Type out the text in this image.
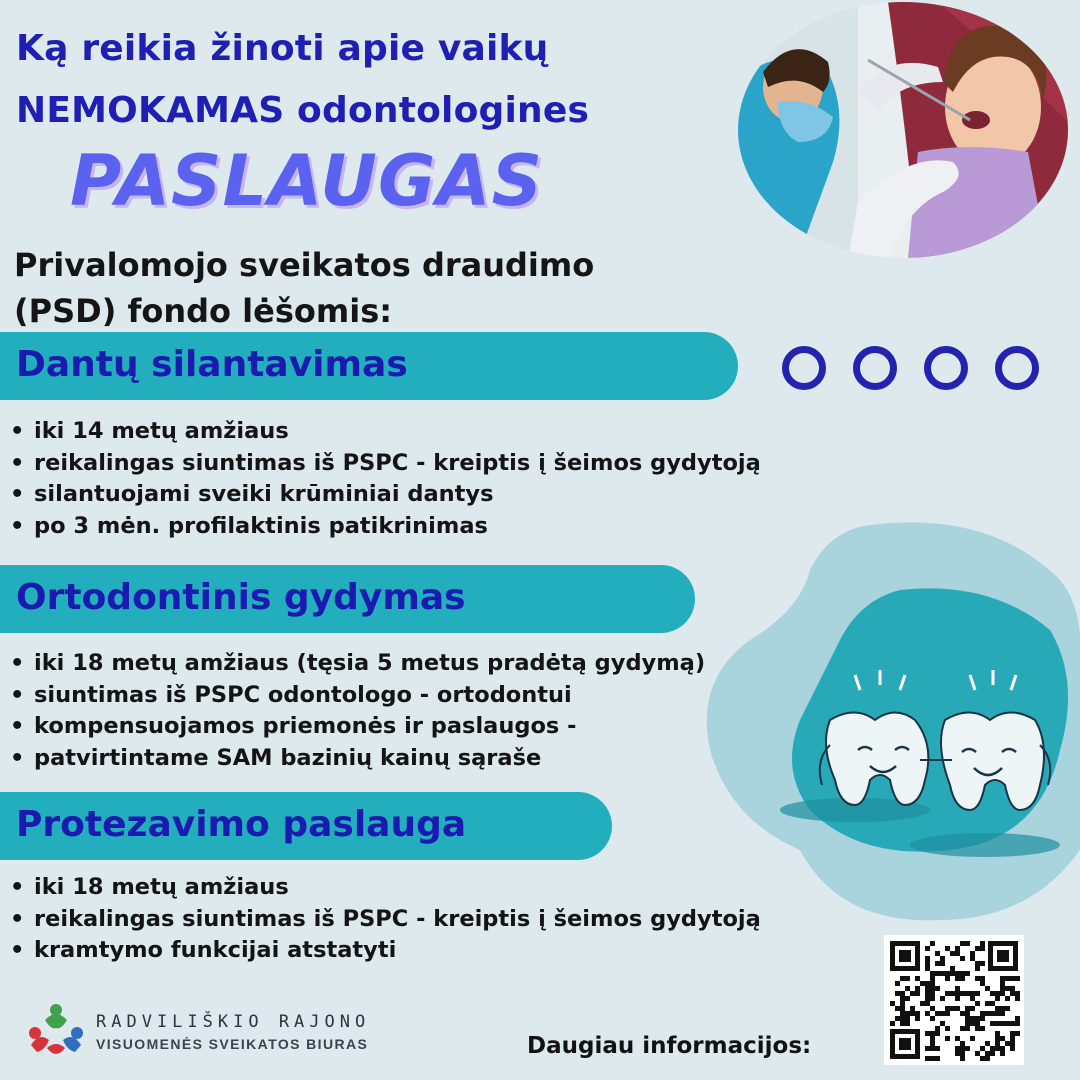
Ką reikia žinoti apie vaikų
NEMOKAMAS odontologines
PASLAUGAS
Privalomojo sveikatos draudimo
(PSD) fondo lėšomis:
Dantų silantavimas
• iki 14 metų amžiaus
• reikalingas siuntimas iš PSPC - kreiptis į šeimos gydytoją
• silantuojami sveiki krūminiai dantys
• po 3 mėn. profilaktinis patikrinimas
Ortodontinis gydymas
• iki 18 metų amžiaus (tęsia 5 metus pradėtą gydymą)
• siuntimas iš PSPC odontologo - ortodontui
• kompensuojamos priemonės ir paslaugos -
• patvirtintame SAM bazinių kainų sąraše
Protezavimo paslauga
• iki 18 metų amžiaus
• reikalingas siuntimas iš PSPC - kreiptis į šeimos gydytoją
• kramtymo funkcijai atstatyti
RADVILIŠKIO RAJONO
VISUOMENĖS SVEIKATOS BIURAS	Daugiau informacijos:
